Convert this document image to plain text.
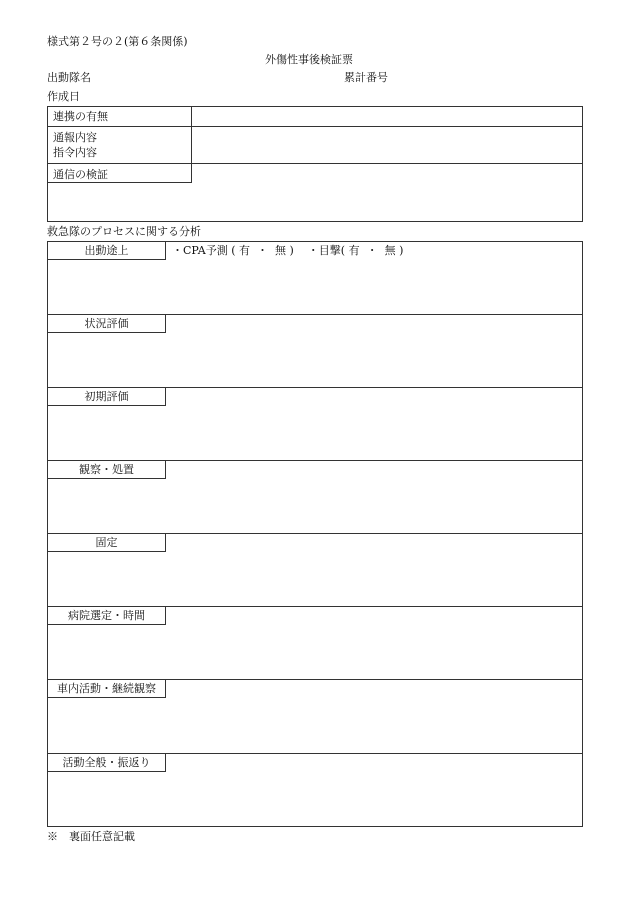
様式第２号の２(第６条関係)
外傷性事後検証票
出動隊名	累計番号
作成日
連携の有無
通報内容
指令内容
通信の検証
救急隊のプロセスに関する分析
出動途上	・CPA予測 ( 有  ・  無 )    ・目撃( 有  ・  無 )
状況評価
初期評価
観察・処置
固定
病院選定・時間
車内活動・継続観察
活動全般・振返り
※　裏面任意記載
